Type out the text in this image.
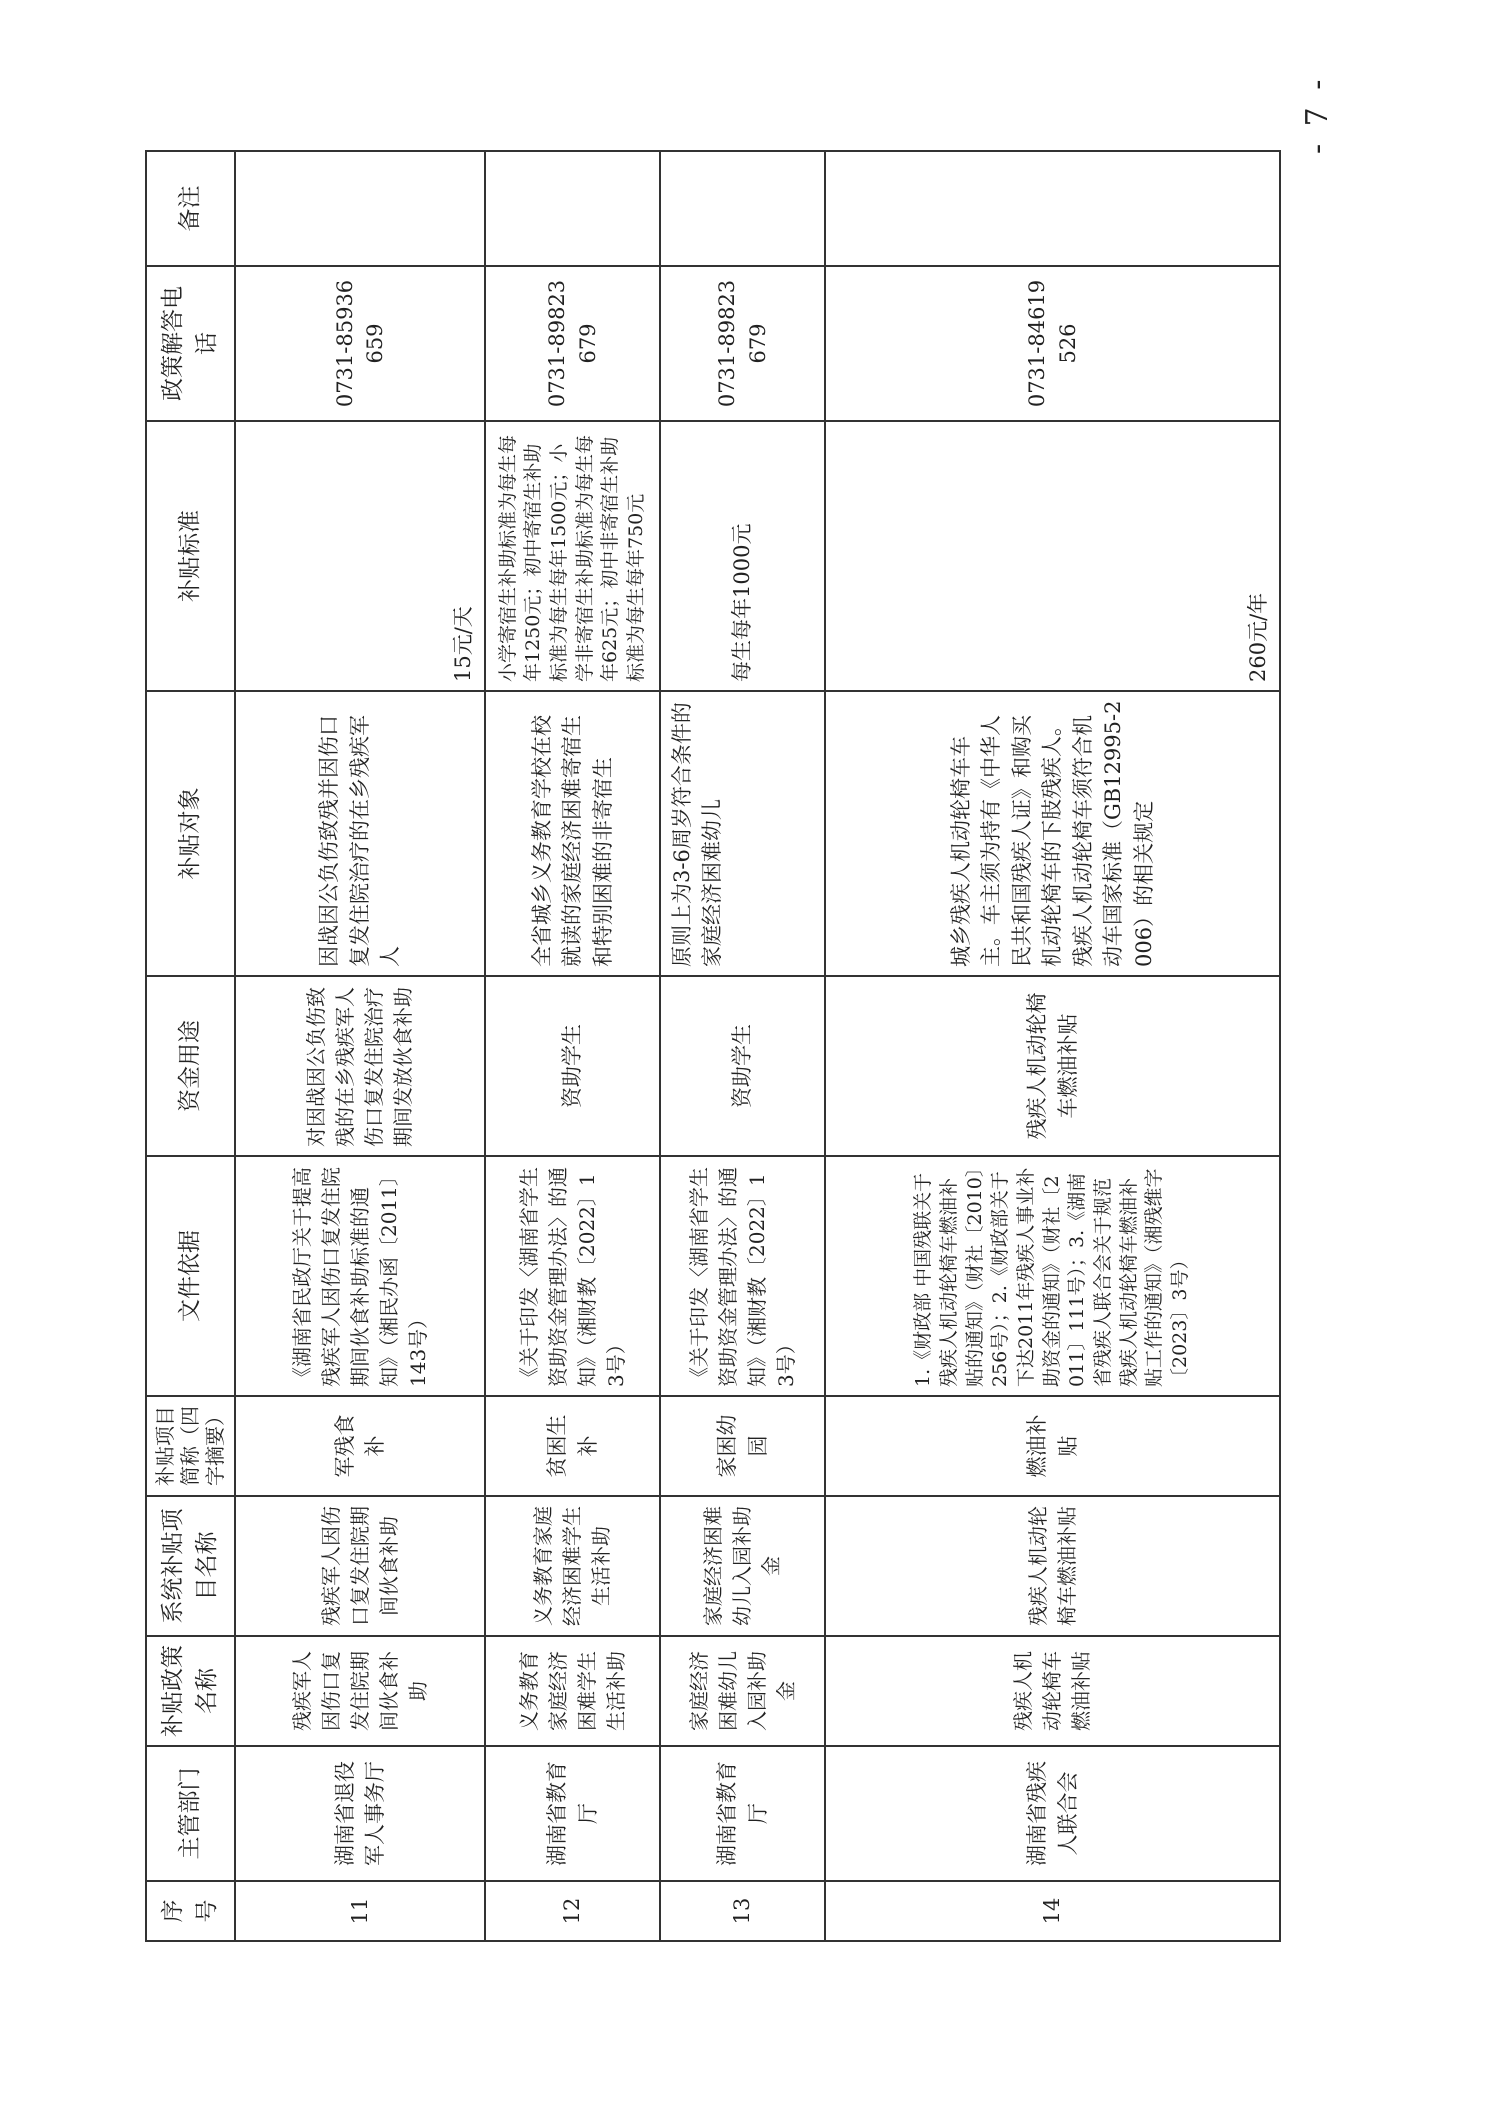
序号	主管部门	补贴政策名称	系统补贴项目名称	补贴项目简称（四字摘要）	文件依据	资金用途	补贴对象	补贴标准	政策解答电话	备注
11	湖南省退役军人事务厅	残疾军人因伤口复发住院期间伙食补助	残疾军人因伤口复发住院期间伙食补助	军残食补	《湖南省民政厅关于提高残疾军人因伤口复发住院期间伙食补助标准的通知》（湘民办函〔2011〕143号）	对因战因公负伤致残的在乡残疾军人伤口复发住院治疗期间发放伙食补助	因战因公负伤致残并因伤口复发住院治疗的在乡残疾军人	15元/天	0731-85936659	
12	湖南省教育厅	义务教育家庭经济困难学生生活补助	义务教育家庭经济困难学生生活补助	贫困生补	《关于印发〈湖南省学生资助资金管理办法〉的通知》（湘财教〔2022〕13号）	资助学生	全省城乡义务教育学校在校就读的家庭经济困难寄宿生和特别困难的非寄宿生	小学寄宿生补助标准为每生每年1250元；初中寄宿生补助标准为每生每年1500元；小学非寄宿生补助标准为每生每年625元；初中非寄宿生补助标准为每生每年750元	0731-89823679	
13	湖南省教育厅	家庭经济困难幼儿入园补助金	家庭经济困难幼儿入园补助金	家困幼园	《关于印发〈湖南省学生资助资金管理办法〉的通知》（湘财教〔2022〕13号）	资助学生	原则上为3-6周岁符合条件的家庭经济困难幼儿	每生每年1000元	0731-89823679	
14	湖南省残疾人联合会	残疾人机动轮椅车燃油补贴	残疾人机动轮椅车燃油补贴	燃油补贴	1.《财政部 中国残联关于残疾人机动轮椅车燃油补贴的通知》（财社〔2010〕256号）；2.《财政部关于下达2011年残疾人事业补助资金的通知》（财社〔2011〕111号）；3.《湖南省残疾人联合会关于规范残疾人机动轮椅车燃油补贴工作的通知》（湘残维字〔2023〕3号）	残疾人机动轮椅车燃油补贴	城乡残疾人机动轮椅车车主。车主须为持有《中华人民共和国残疾人证》和购买机动轮椅车的下肢残疾人。残疾人机动轮椅车须符合机动车国家标准（GB12995-2006）的相关规定	260元/年	0731-84619526	
- 7 -
